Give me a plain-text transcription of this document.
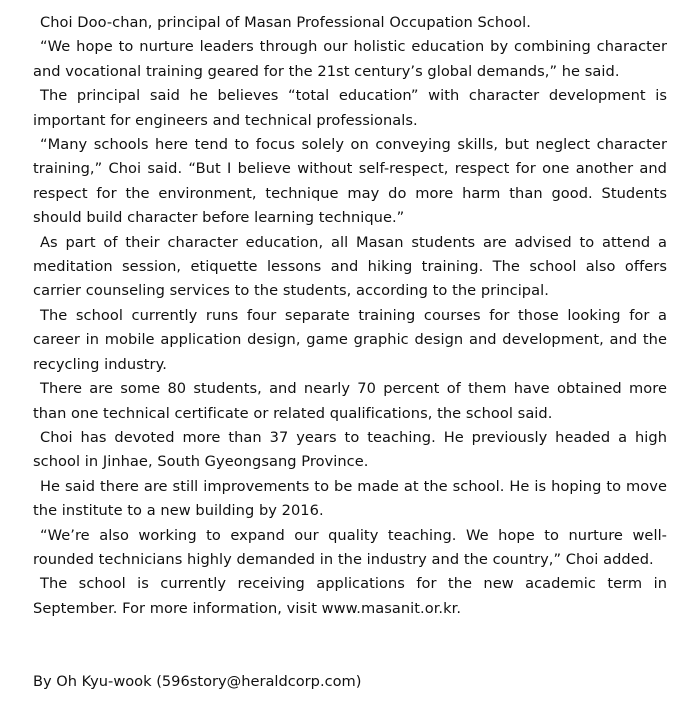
Choi Doo-chan, principal of Masan Professional Occupation School.

“We hope to nurture leaders through our holistic education by combining character and vocational training geared for the 21st century’s global demands,” he said.

The principal said he believes “total education” with character development is important for engineers and technical professionals.

“Many schools here tend to focus solely on conveying skills, but neglect character training,” Choi said. “But I believe without self-respect, respect for one another and respect for the environment, technique may do more harm than good. Students should build character before learning technique.”

As part of their character education, all Masan students are advised to attend a meditation session, etiquette lessons and hiking training. The school also offers carrier counseling services to the students, according to the principal.

The school currently runs four separate training courses for those looking for a career in mobile application design, game graphic design and development, and the recycling industry.

There are some 80 students, and nearly 70 percent of them have obtained more than one technical certificate or related qualifications, the school said.

Choi has devoted more than 37 years to teaching. He previously headed a high school in Jinhae, South Gyeongsang Province.

He said there are still improvements to be made at the school. He is hoping to move the institute to a new building by 2016.

“We’re also working to expand our quality teaching. We hope to nurture well-rounded technicians highly demanded in the industry and the country,” Choi added.

The school is currently receiving applications for the new academic term in September. For more information, visit www.masanit.or.kr.

By Oh Kyu-wook (596story@heraldcorp.com)
